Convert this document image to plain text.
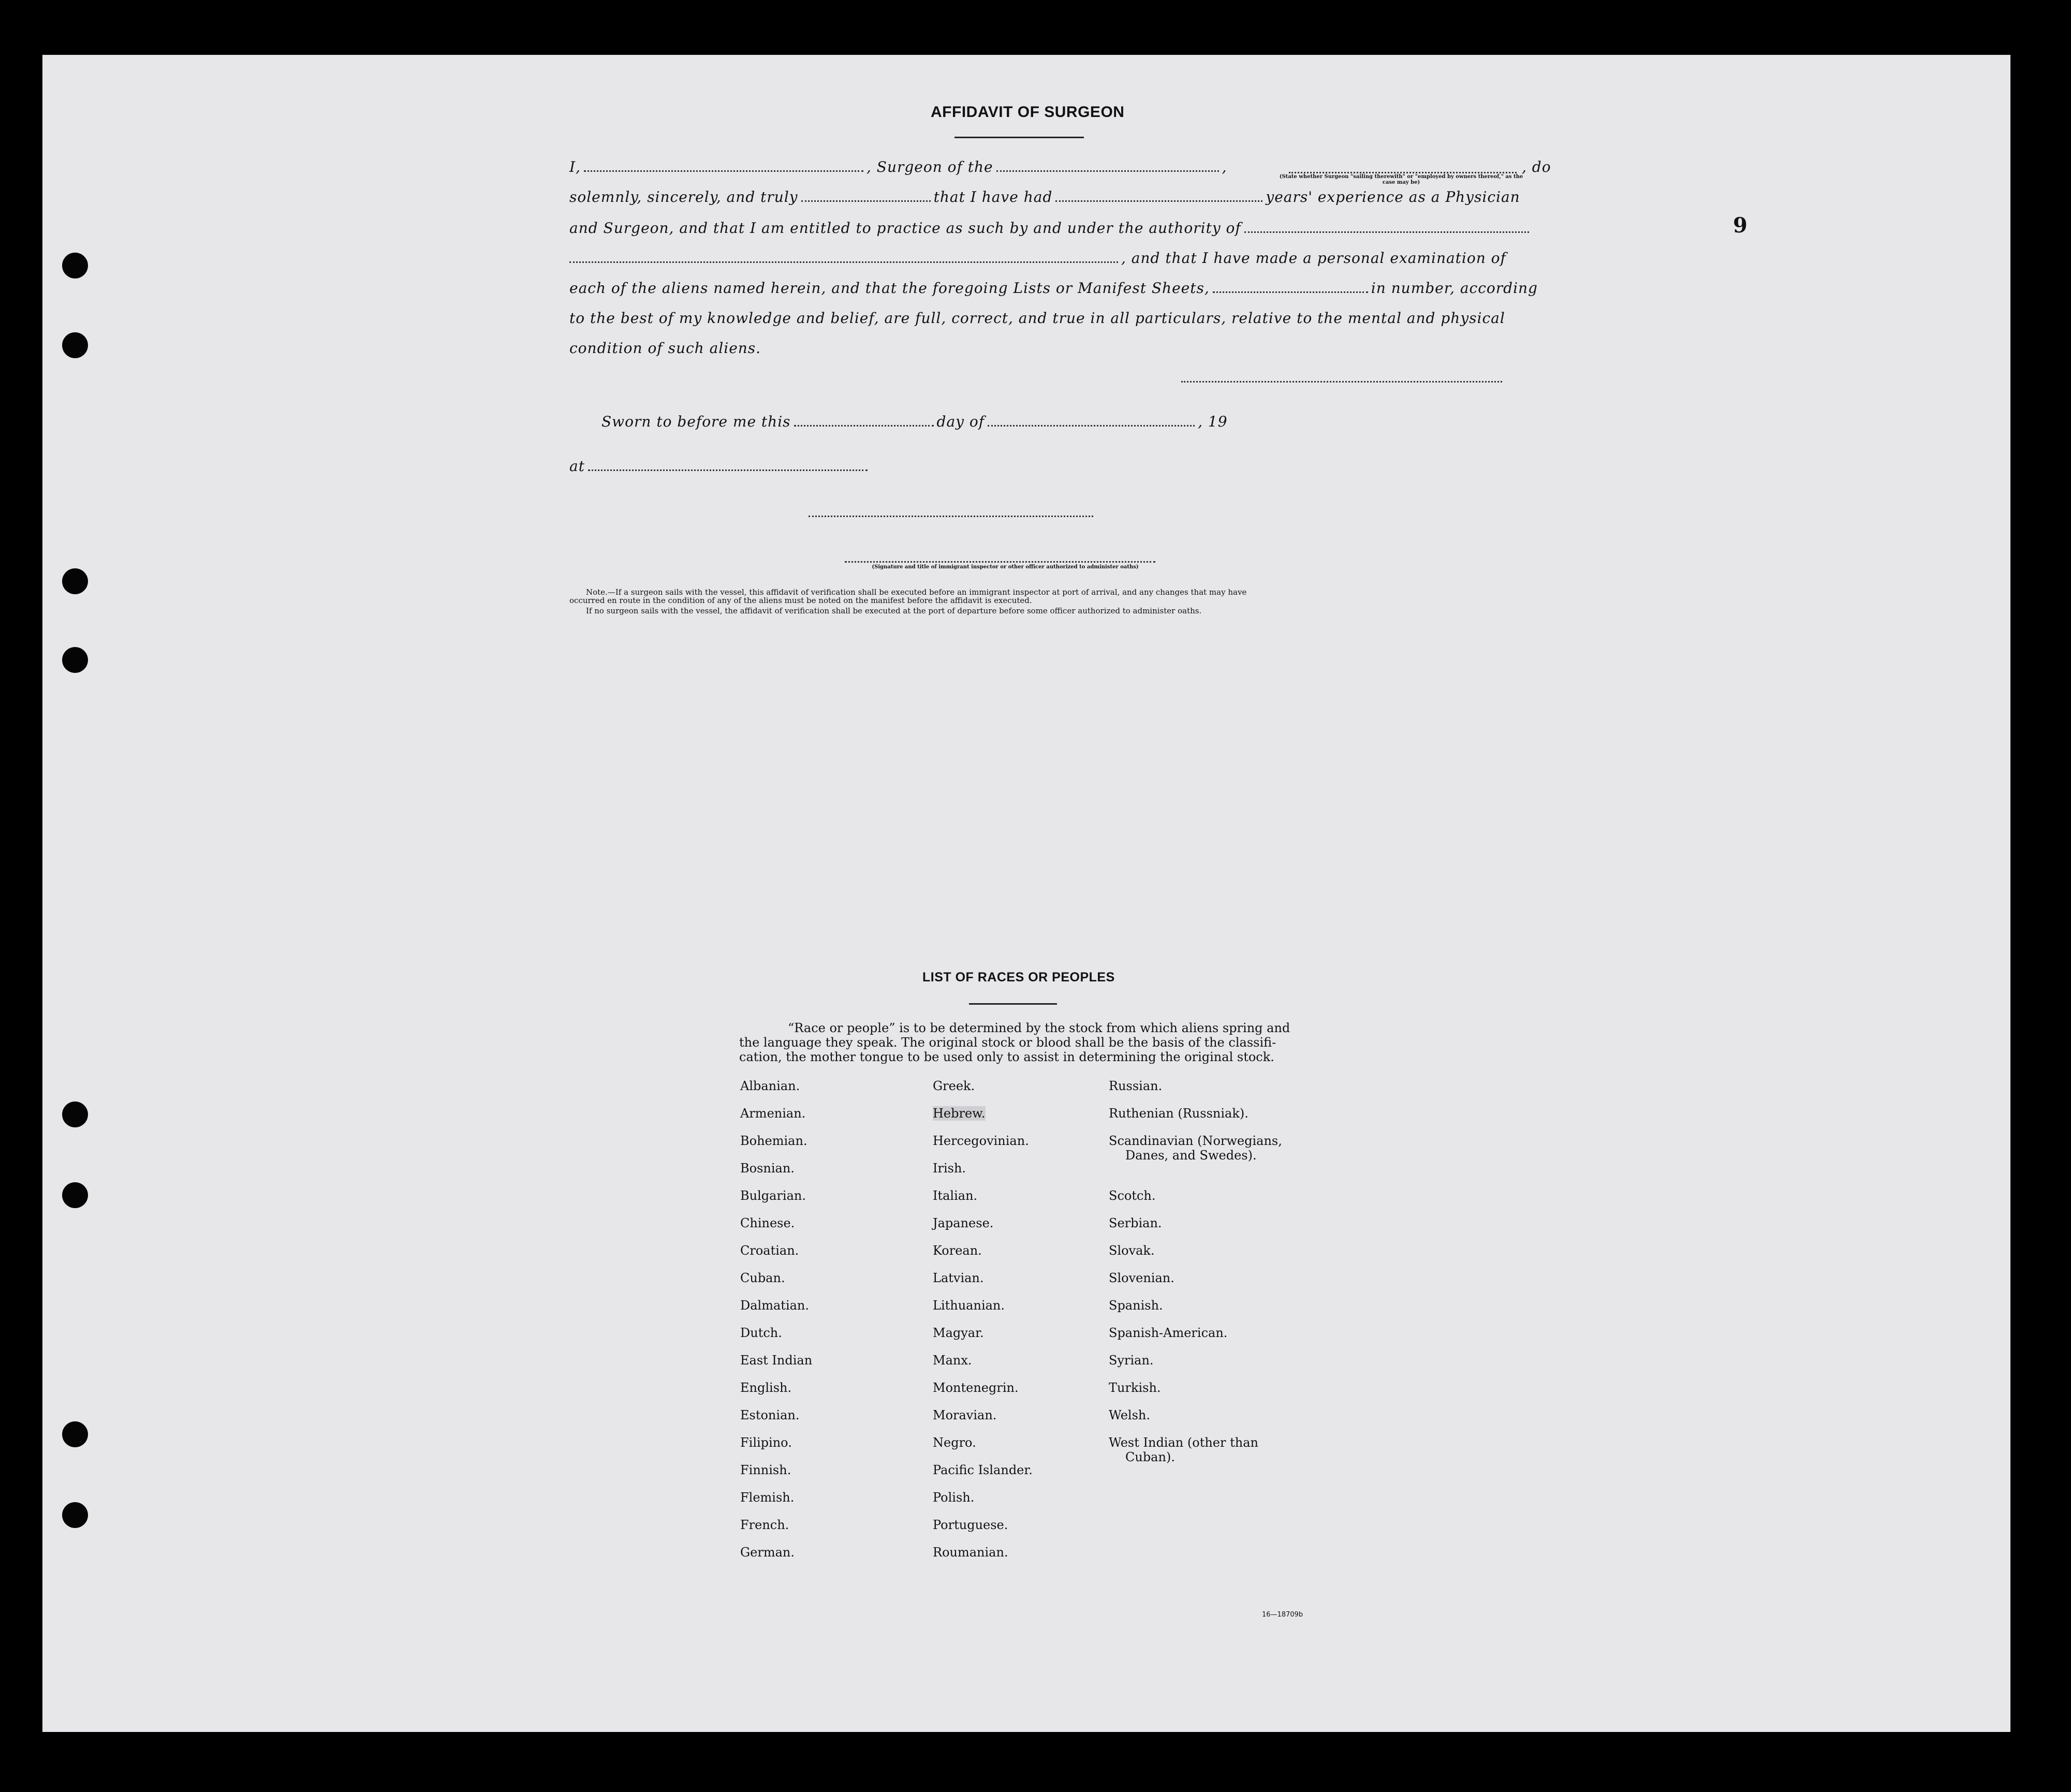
9
AFFIDAVIT OF SURGEON
I,	, Surgeon of the	,	, do
(State whether Surgeon "sailing therewith" or "employed by owners thereof," as the case may be)
solemnly, sincerely, and truly	that I have had	years' experience as a Physician
and Surgeon, and that I am entitled to practice as such by and under the authority of
, and that I have made a personal examination of
each of the aliens named herein, and that the foregoing Lists or Manifest Sheets,	in number, according
to the best of my knowledge and belief, are full, correct, and true in all particulars, relative to the mental and physical
condition of such aliens.
Sworn to before me this	day of	, 19
at
(Signature and title of immigrant inspector or other officer authorized to administer oaths)
Note.—If a surgeon sails with the vessel, this affidavit of verification shall be executed before an immigrant inspector at port of arrival, and any changes that may have
occurred en route in the condition of any of the aliens must be noted on the manifest before the affidavit is executed.
If no surgeon sails with the vessel, the affidavit of verification shall be executed at the port of departure before some officer authorized to administer oaths.
LIST OF RACES OR PEOPLES
“Race or people” is to be determined by the stock from which aliens spring and
the language they speak. The original stock or blood shall be the basis of the classifi-
cation, the mother tongue to be used only to assist in determining the original stock.
Albanian.
Armenian.
Bohemian.
Bosnian.
Bulgarian.
Chinese.
Croatian.
Cuban.
Dalmatian.
Dutch.
East Indian
English.
Estonian.
Filipino.
Finnish.
Flemish.
French.
German.
Greek.
Hebrew.
Hercegovinian.
Irish.
Italian.
Japanese.
Korean.
Latvian.
Lithuanian.
Magyar.
Manx.
Montenegrin.
Moravian.
Negro.
Pacific Islander.
Polish.
Portuguese.
Roumanian.
Russian.
Ruthenian (Russniak).
Scandinavian (Norwegians,
Danes, and Swedes).
Scotch.
Serbian.
Slovak.
Slovenian.
Spanish.
Spanish-American.
Syrian.
Turkish.
Welsh.
West Indian (other than
Cuban).
16—18709b
